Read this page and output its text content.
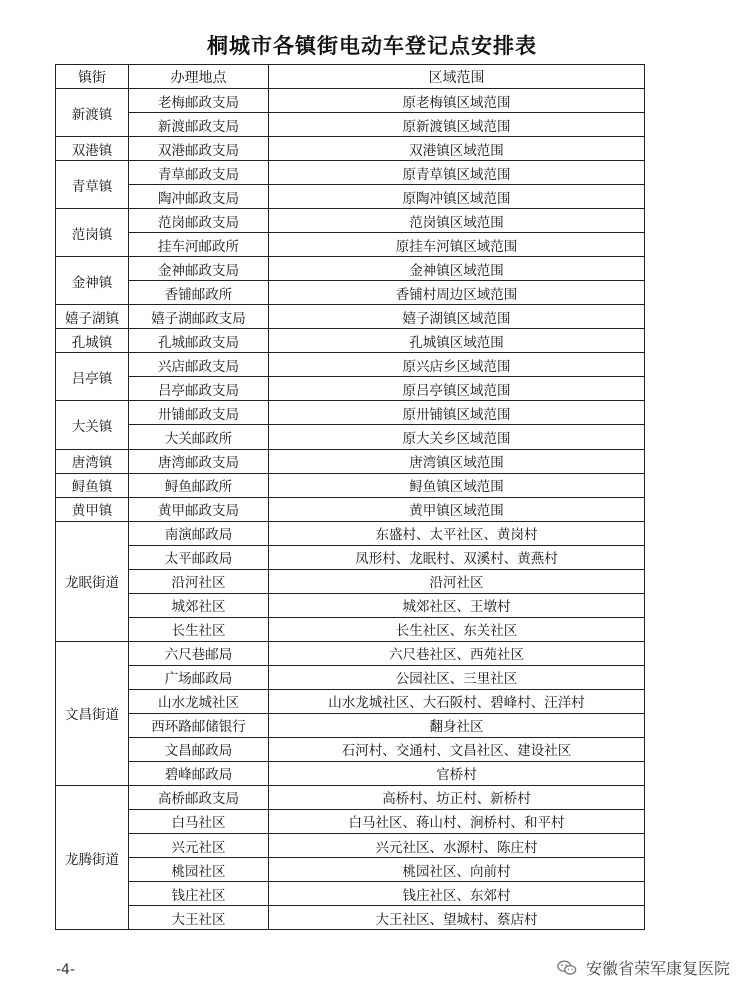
桐城市各镇街电动车登记点安排表
镇街	办理地点	区域范围
新渡镇	老梅邮政支局	原老梅镇区域范围
	新渡邮政支局	原新渡镇区域范围
双港镇	双港邮政支局	双港镇区域范围
青草镇	青草邮政支局	原青草镇区域范围
	陶冲邮政支局	原陶冲镇区域范围
范岗镇	范岗邮政支局	范岗镇区域范围
	挂车河邮政所	原挂车河镇区域范围
金神镇	金神邮政支局	金神镇区域范围
	香铺邮政所	香铺村周边区域范围
嬉子湖镇	嬉子湖邮政支局	嬉子湖镇区域范围
孔城镇	孔城邮政支局	孔城镇区域范围
吕亭镇	兴店邮政支局	原兴店乡区域范围
	吕亭邮政支局	原吕亭镇区域范围
大关镇	卅铺邮政支局	原卅铺镇区域范围
	大关邮政所	原大关乡区域范围
唐湾镇	唐湾邮政支局	唐湾镇区域范围
鲟鱼镇	鲟鱼邮政所	鲟鱼镇区域范围
黄甲镇	黄甲邮政支局	黄甲镇区域范围
龙眠街道	南演邮政局	东盛村、太平社区、黄岗村
	太平邮政局	凤形村、龙眠村、双溪村、黄燕村
	沿河社区	沿河社区
	城郊社区	城郊社区、王墩村
	长生社区	长生社区、东关社区
文昌街道	六尺巷邮局	六尺巷社区、西苑社区
	广场邮政局	公园社区、三里社区
	山水龙城社区	山水龙城社区、大石阪村、碧峰村、汪洋村
	西环路邮储银行	翻身社区
	文昌邮政局	石河村、交通村、文昌社区、建设社区
	碧峰邮政局	官桥村
龙腾街道	高桥邮政支局	高桥村、坊正村、新桥村
	白马社区	白马社区、蒋山村、涧桥村、和平村
	兴元社区	兴元社区、水源村、陈庄村
	桃园社区	桃园社区、向前村
	钱庄社区	钱庄社区、东郊村
	大王社区	大王社区、望城村、蔡店村
-4-	安徽省荣军康复医院
